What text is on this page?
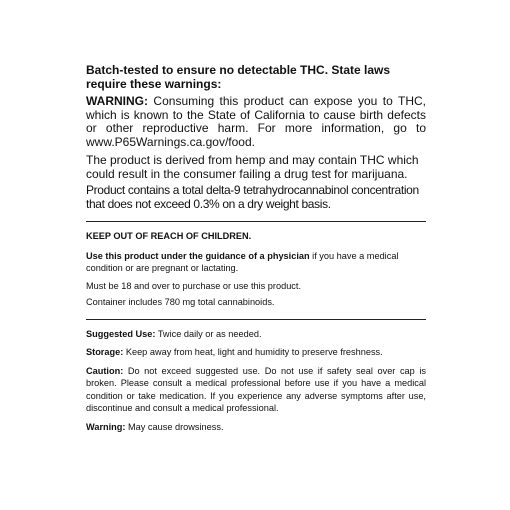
Batch-tested to ensure no detectable THC. State laws require these warnings:

WARNING: Consuming this product can expose you to THC, which is known to the State of California to cause birth defects or other reproductive harm. For more information, go to www.P65Warnings.ca.gov/food.

The product is derived from hemp and may contain THC which could result in the consumer failing a drug test for marijuana.

Product contains a total delta-9 tetrahydrocannabinol concentration that does not exceed 0.3% on a dry weight basis.

KEEP OUT OF REACH OF CHILDREN.

Use this product under the guidance of a physician if you have a medical condition or are pregnant or lactating.

Must be 18 and over to purchase or use this product.

Container includes 780 mg total cannabinoids.

Suggested Use: Twice daily or as needed.

Storage: Keep away from heat, light and humidity to preserve freshness.

Caution: Do not exceed suggested use. Do not use if safety seal over cap is broken. Please consult a medical professional before use if you have a medical condition or take medication. If you experience any adverse symptoms after use, discontinue and consult a medical professional.

Warning: May cause drowsiness.
